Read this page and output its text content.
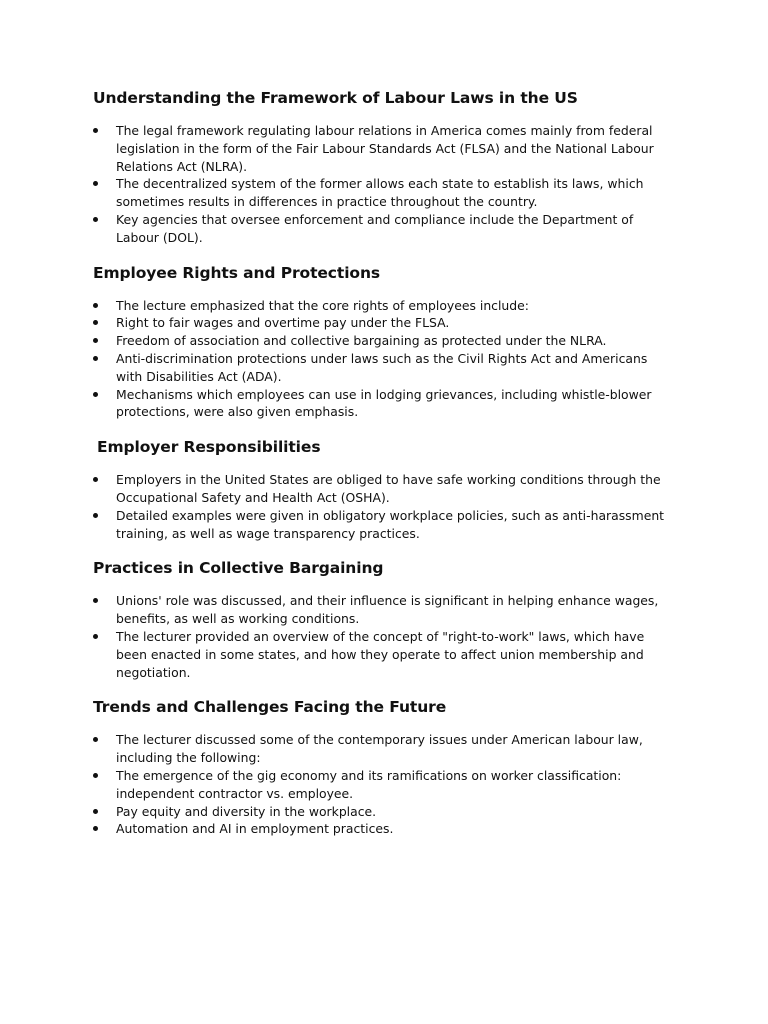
Understanding the Framework of Labour Laws in the US
The legal framework regulating labour relations in America comes mainly from federal legislation in the form of the Fair Labour Standards Act (FLSA) and the National Labour Relations Act (NLRA).
The decentralized system of the former allows each state to establish its laws, which sometimes results in differences in practice throughout the country.
Key agencies that oversee enforcement and compliance include the Department of Labour (DOL).
Employee Rights and Protections
The lecture emphasized that the core rights of employees include:
Right to fair wages and overtime pay under the FLSA.
Freedom of association and collective bargaining as protected under the NLRA.
Anti-discrimination protections under laws such as the Civil Rights Act and Americans with Disabilities Act (ADA).
Mechanisms which employees can use in lodging grievances, including whistle-blower protections, were also given emphasis.
Employer Responsibilities
Employers in the United States are obliged to have safe working conditions through the Occupational Safety and Health Act (OSHA).
Detailed examples were given in obligatory workplace policies, such as anti-harassment training, as well as wage transparency practices.
Practices in Collective Bargaining
Unions' role was discussed, and their influence is significant in helping enhance wages, benefits, as well as working conditions.
The lecturer provided an overview of the concept of "right-to-work" laws, which have been enacted in some states, and how they operate to affect union membership and negotiation.
Trends and Challenges Facing the Future
The lecturer discussed some of the contemporary issues under American labour law, including the following:
The emergence of the gig economy and its ramifications on worker classification: independent contractor vs. employee.
Pay equity and diversity in the workplace.
Automation and AI in employment practices.
